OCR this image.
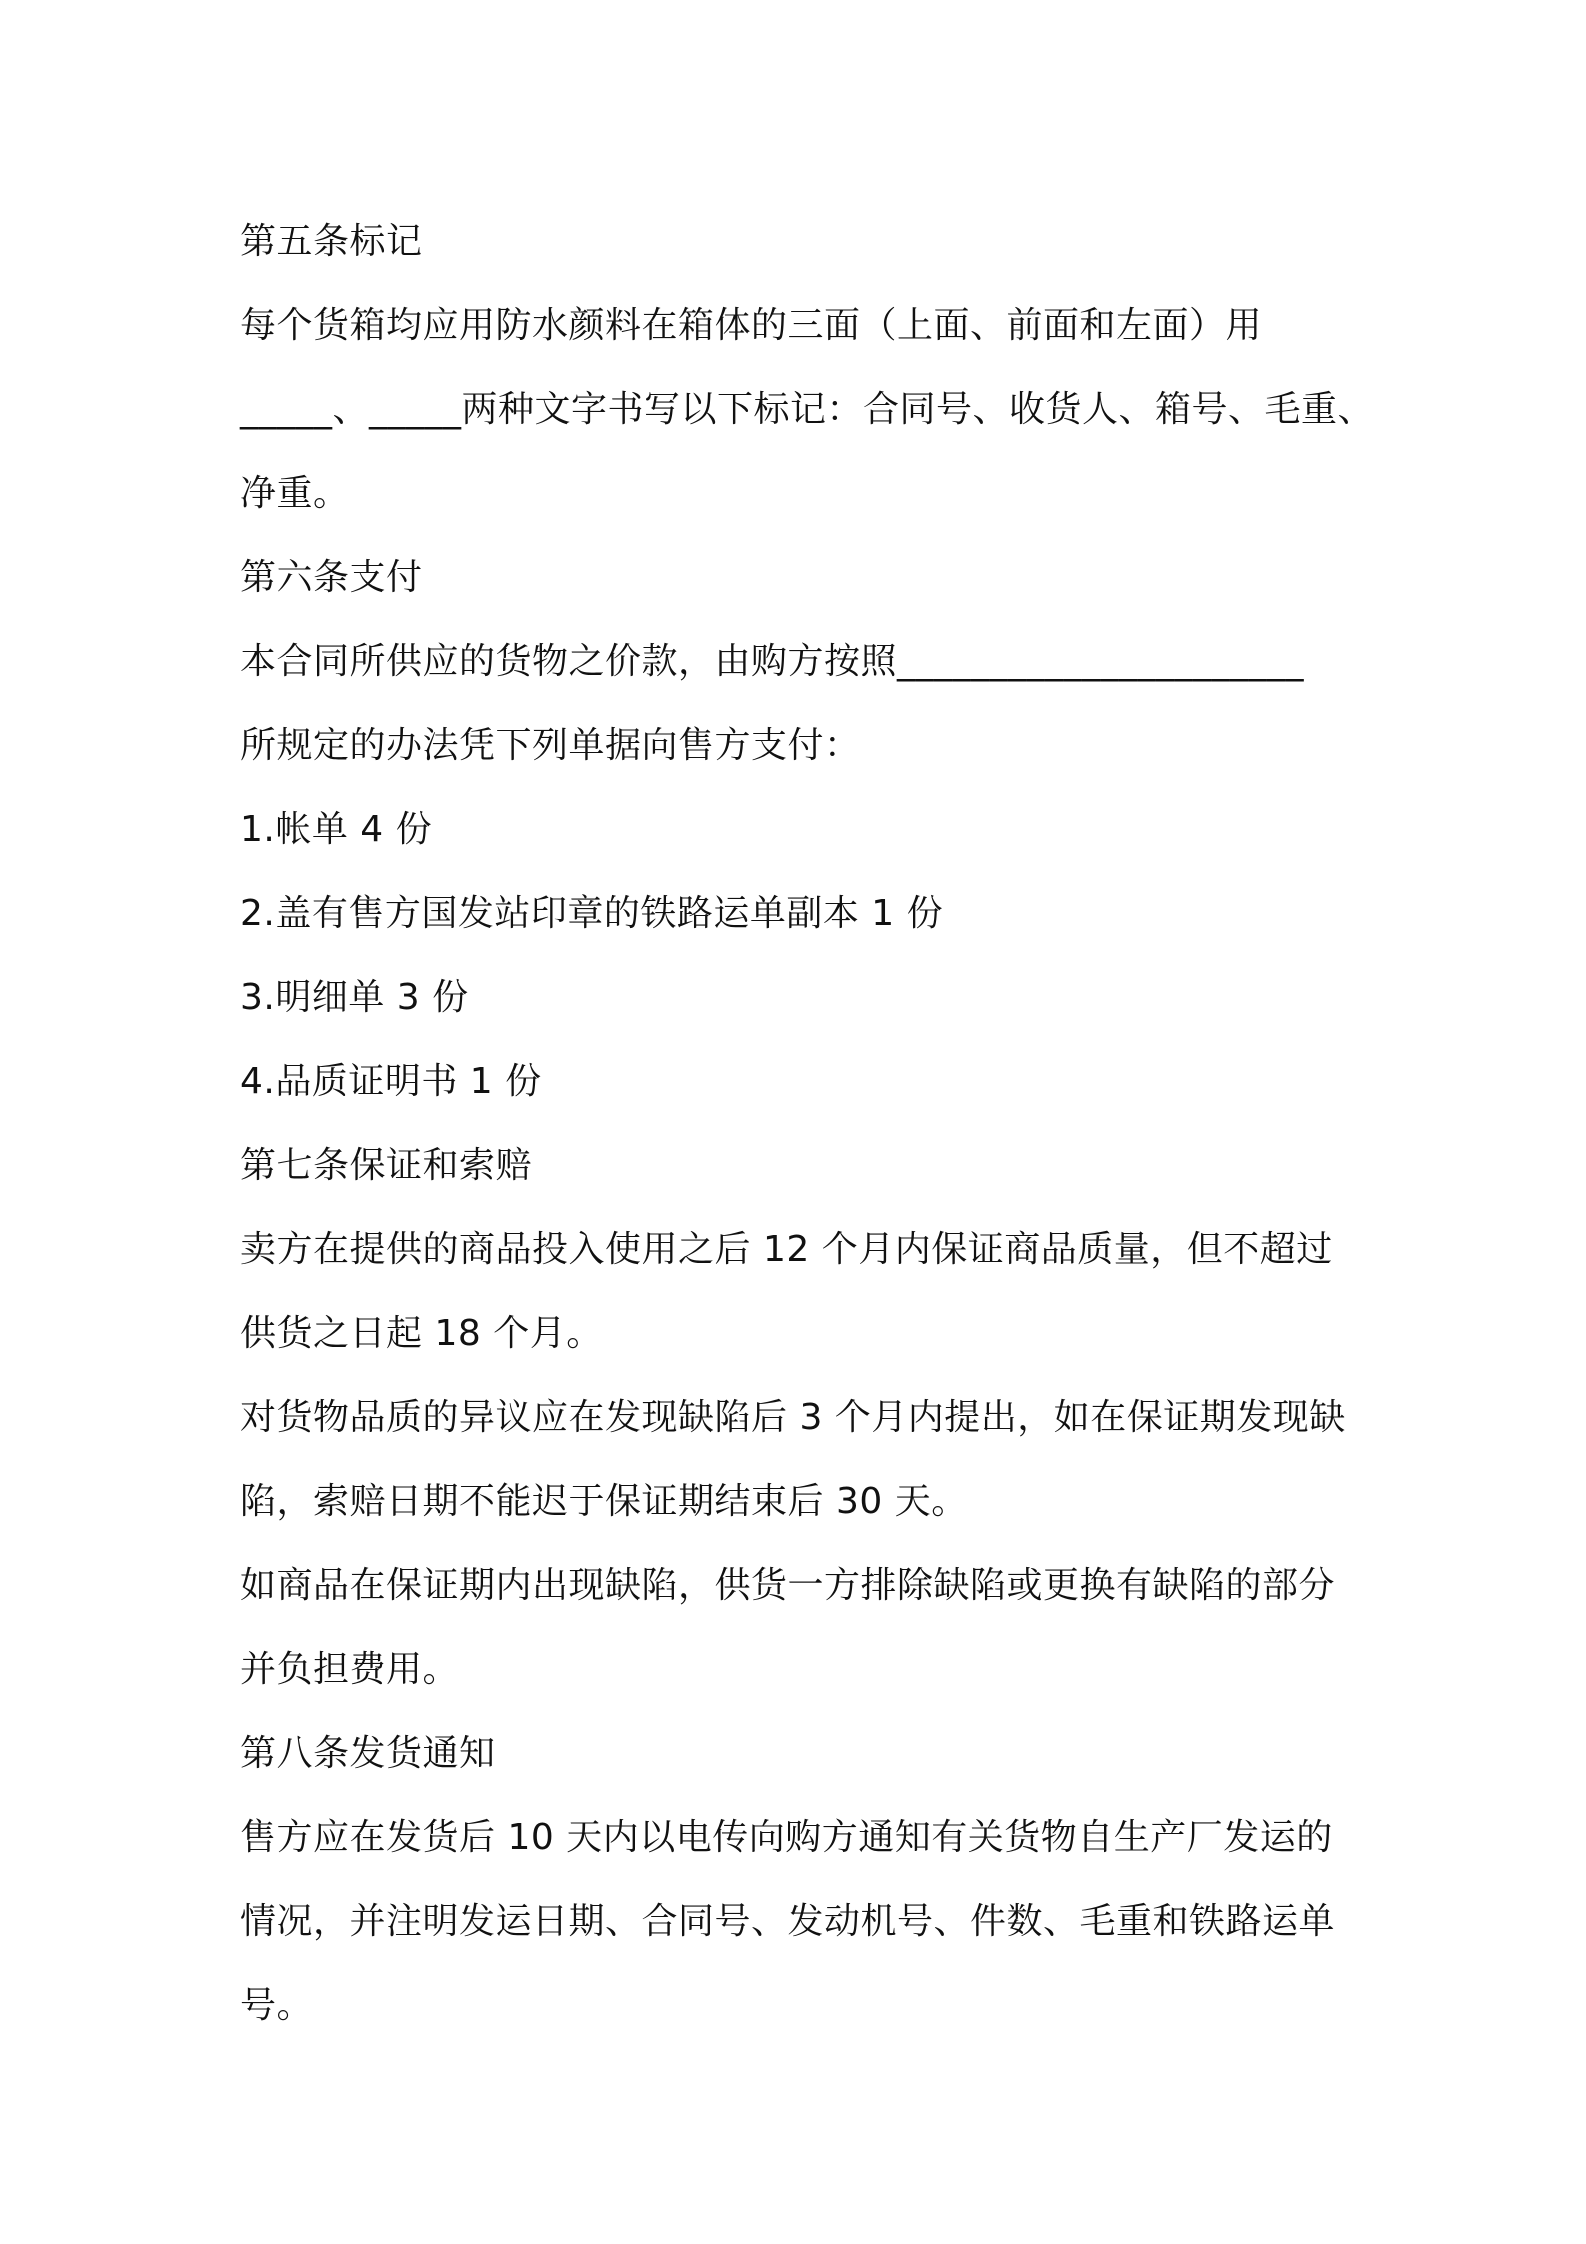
第五条标记
每个货箱均应用防水颜料在箱体的三面（上面、前面和左面）用
_____、_____两种文字书写以下标记：合同号、收货人、箱号、毛重、
净重。
第六条支付
本合同所供应的货物之价款，由购方按照______________________
所规定的办法凭下列单据向售方支付：
1.帐单 4 份
2.盖有售方国发站印章的铁路运单副本 1 份
3.明细单 3 份
4.品质证明书 1 份
第七条保证和索赔
卖方在提供的商品投入使用之后 12 个月内保证商品质量，但不超过
供货之日起 18 个月。
对货物品质的异议应在发现缺陷后 3 个月内提出，如在保证期发现缺
陷，索赔日期不能迟于保证期结束后 30 天。
如商品在保证期内出现缺陷，供货一方排除缺陷或更换有缺陷的部分
并负担费用。
第八条发货通知
售方应在发货后 10 天内以电传向购方通知有关货物自生产厂发运的
情况，并注明发运日期、合同号、发动机号、件数、毛重和铁路运单
号。
